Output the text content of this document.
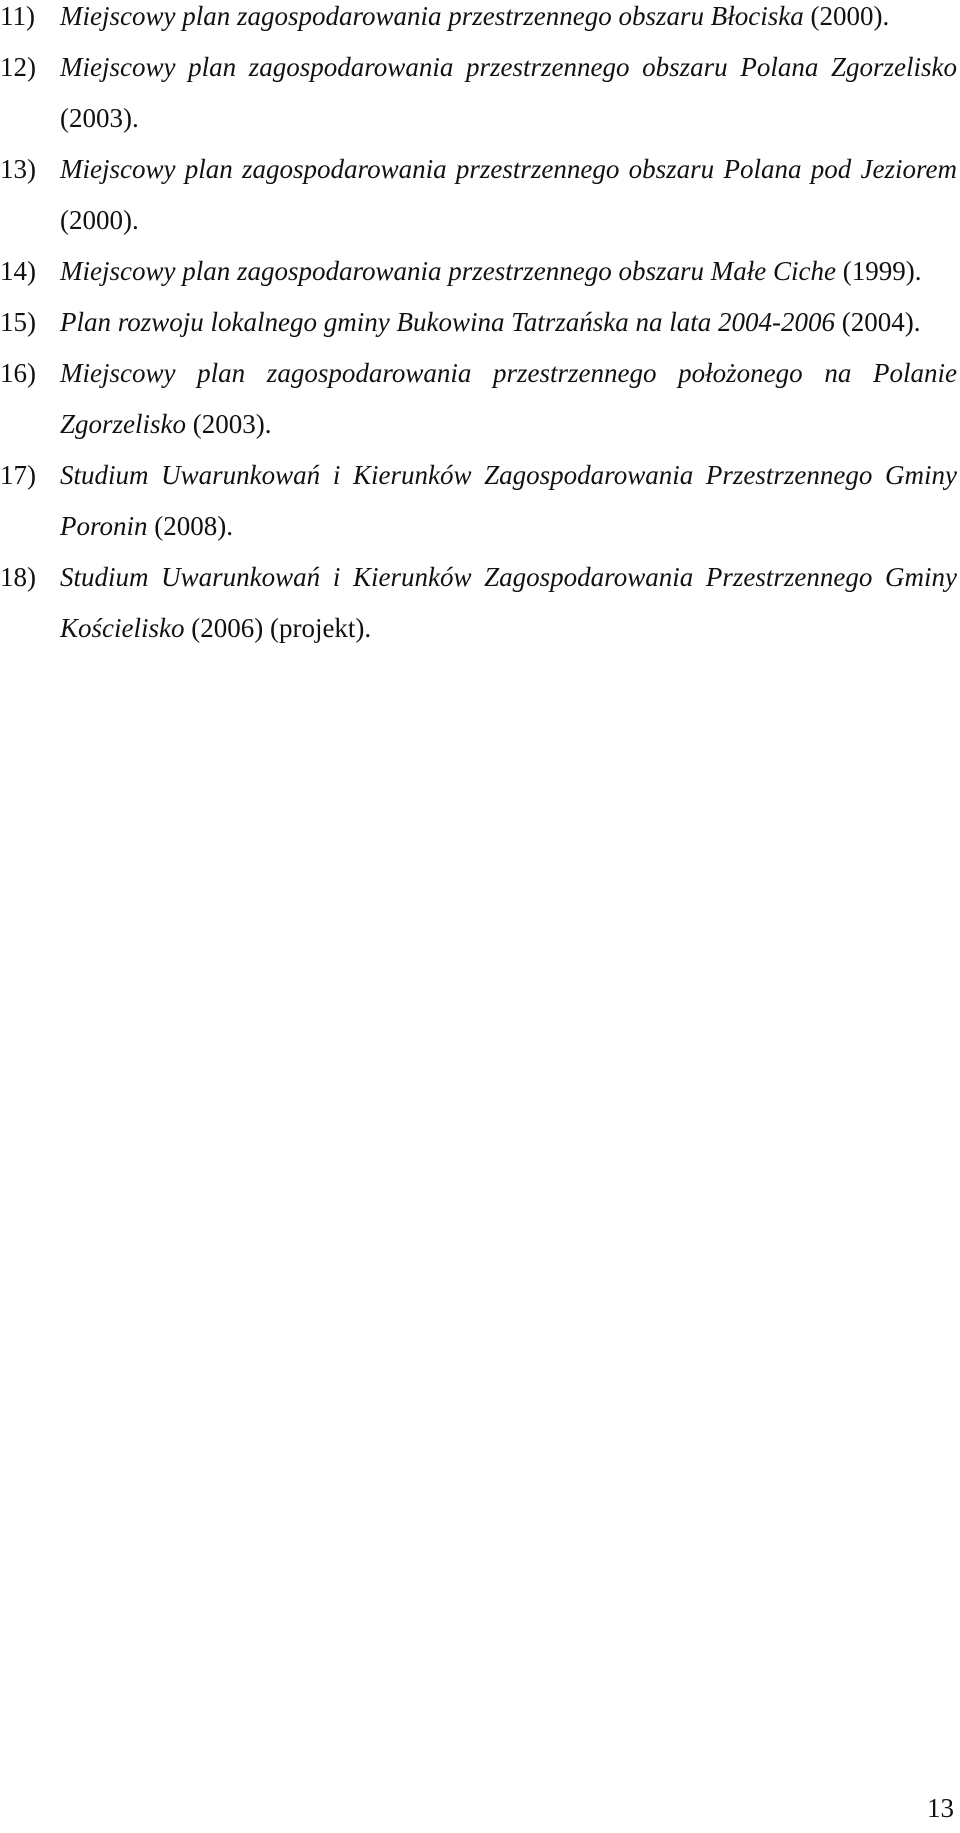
11) Miejscowy plan zagospodarowania przestrzennego obszaru Błociska (2000).
12) Miejscowy plan zagospodarowania przestrzennego obszaru Polana Zgorzelisko (2003).
13) Miejscowy plan zagospodarowania przestrzennego obszaru Polana pod Jeziorem (2000).
14) Miejscowy plan zagospodarowania przestrzennego obszaru Małe Ciche (1999).
15) Plan rozwoju lokalnego gminy Bukowina Tatrzańska na lata 2004-2006 (2004).
16) Miejscowy plan zagospodarowania przestrzennego położonego na Polanie Zgorzelisko (2003).
17) Studium Uwarunkowań i Kierunków Zagospodarowania Przestrzennego Gminy Poronin (2008).
18) Studium Uwarunkowań i Kierunków Zagospodarowania Przestrzennego Gminy Kościelisko (2006) (projekt).
13
